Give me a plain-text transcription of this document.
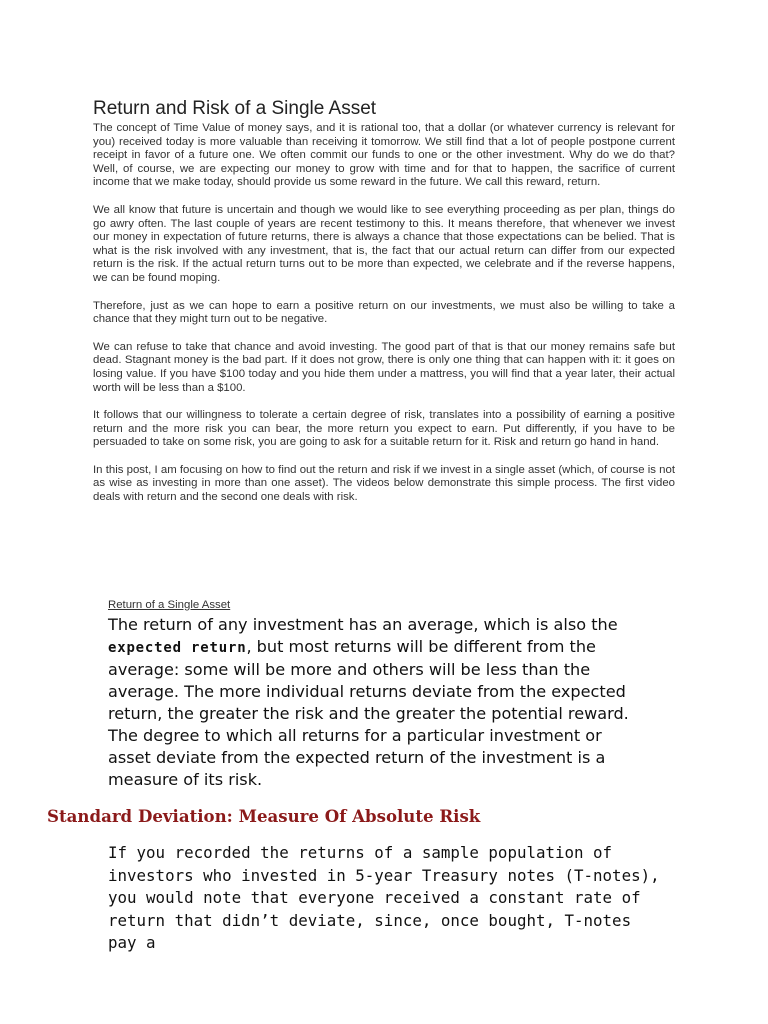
Return and Risk of a Single Asset

The concept of Time Value of money says, and it is rational too, that a dollar (or whatever currency is relevant for you) received today is more valuable than receiving it tomorrow. We still find that a lot of people postpone current receipt in favor of a future one. We often commit our funds to one or the other investment. Why do we do that? Well, of course, we are expecting our money to grow with time and for that to happen, the sacrifice of current income that we make today, should provide us some reward in the future. We call this reward, return.

We all know that future is uncertain and though we would like to see everything proceeding as per plan, things do go awry often. The last couple of years are recent testimony to this. It means therefore, that whenever we invest our money in expectation of future returns, there is always a chance that those expectations can be belied. That is what is the risk involved with any investment, that is, the fact that our actual return can differ from our expected return is the risk. If the actual return turns out to be more than expected, we celebrate and if the reverse happens, we can be found moping.

Therefore, just as we can hope to earn a positive return on our investments, we must also be willing to take a chance that they might turn out to be negative.

We can refuse to take that chance and avoid investing. The good part of that is that our money remains safe but dead. Stagnant money is the bad part. If it does not grow, there is only one thing that can happen with it: it goes on losing value. If you have $100 today and you hide them under a mattress, you will find that a year later, their actual worth will be less than a $100.

It follows that our willingness to tolerate a certain degree of risk, translates into a possibility of earning a positive return and the more risk you can bear, the more return you expect to earn. Put differently, if you have to be persuaded to take on some risk, you are going to ask for a suitable return for it. Risk and return go hand in hand.

In this post, I am focusing on how to find out the return and risk if we invest in a single asset (which, of course is not as wise as investing in more than one asset). The videos below demonstrate this simple process. The first video deals with return and the second one deals with risk.

Return of a Single Asset

The return of any investment has an average, which is also the expected return, but most returns will be different from the average: some will be more and others will be less than the average. The more individual returns deviate from the expected return, the greater the risk and the greater the potential reward. The degree to which all returns for a particular investment or asset deviate from the expected return of the investment is a measure of its risk.

Standard Deviation: Measure Of Absolute Risk

If you recorded the returns of a sample population of investors who invested in 5-year Treasury notes (T-notes), you would note that everyone received a constant rate of return that didn’t deviate, since, once bought, T-notes pay a
